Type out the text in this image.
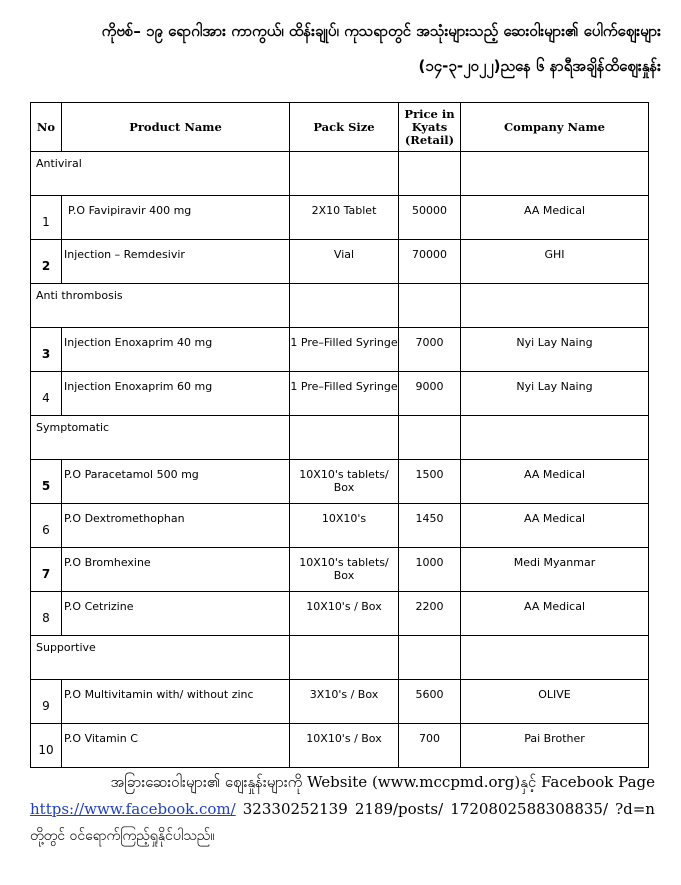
ကိုဗစ်– ၁၉ ရောဂါအား ကာကွယ်၊ ထိန်းချုပ်၊ ကုသရာတွင် အသုံးများသည့် ဆေးဝါးများ၏ ပေါက်ဈေးများ
(၁၄-၃-၂၀၂၂)ညနေ ၆ နာရီအချိန်ထိဈေးနှုန်း
No	Product Name	Pack Size	Price in Kyats (Retail)	Company Name
Antiviral				
1	P.O Favipiravir 400 mg	2X10 Tablet	50000	AA Medical

2	Injection – Remdesivir	Vial	70000	GHI

Anti thrombosis				
3	Injection Enoxaprim 40 mg	1 Pre–Filled Syringe	7000	Nyi Lay Naing

4	Injection Enoxaprim 60 mg	1 Pre–Filled Syringe	9000	Nyi Lay Naing

Symptomatic				
5	P.O Paracetamol 500 mg	10X10's tablets/ Box	1500	AA Medical

6	P.O Dextromethophan	10X10's	1450	AA Medical

7	P.O Bromhexine	10X10's tablets/ Box	1000	Medi Myanmar

8	P.O Cetrizine	10X10's / Box	2200	AA Medical

Supportive				
9	P.O Multivitamin with/ without zinc	3X10's / Box	5600	OLIVE

10	P.O Vitamin C	10X10's / Box	700	Pai Brother
အခြားဆေးဝါးများ၏ ဈေးနှုန်းများကို Website (www.mccpmd.org)နှင့် Facebook Page
https://www.facebook.com/ 32330252139 2189/posts/ 1720802588308835/ ?d=n
တို့တွင် ဝင်ရောက်ကြည့်ရှုနိုင်ပါသည်။
